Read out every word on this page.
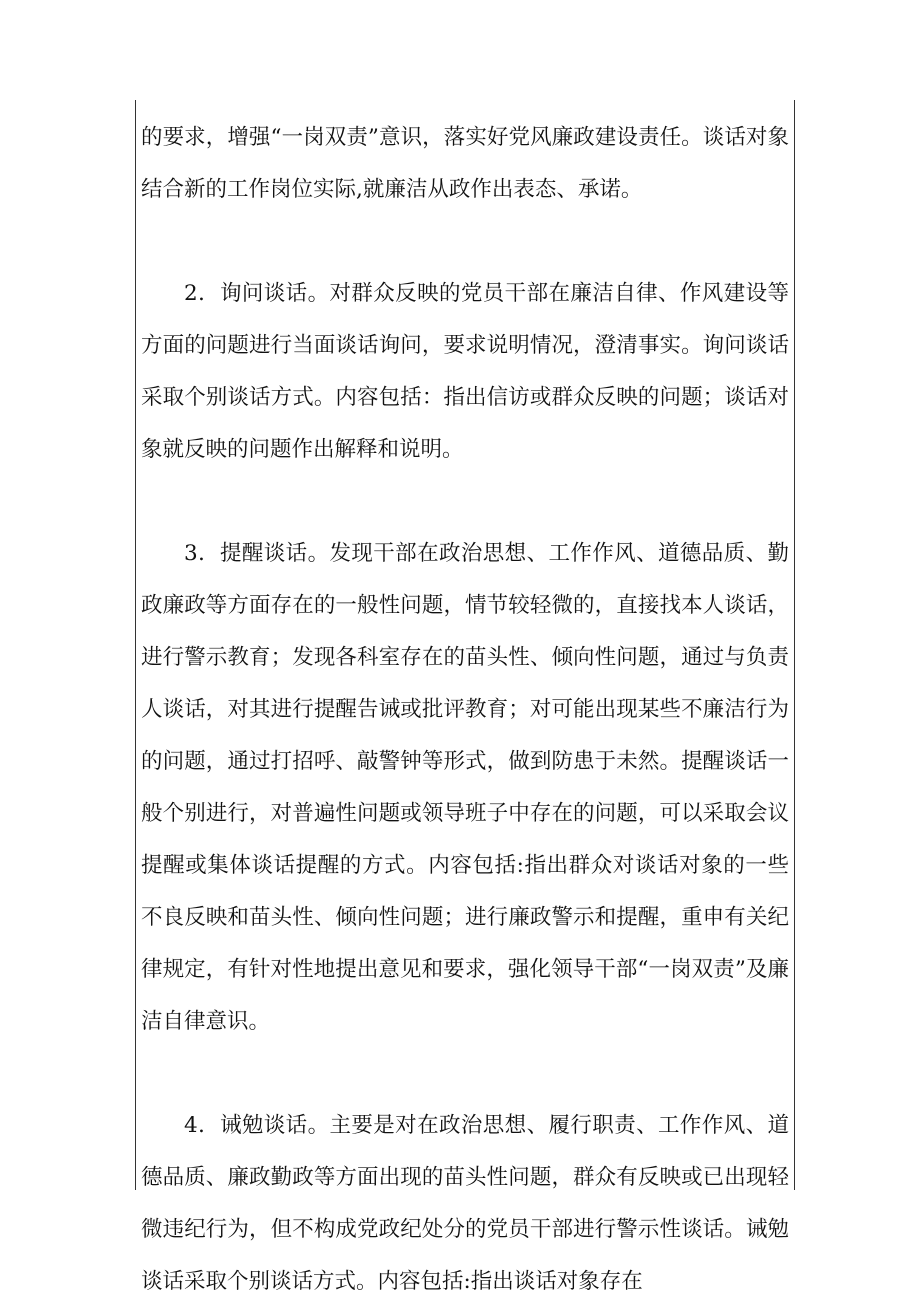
的要求，增强“一岗双责”意识，落实好党风廉政建设责任。谈话对象结合新的工作岗位实际,就廉洁从政作出表态、承诺。

2．询问谈话。对群众反映的党员干部在廉洁自律、作风建设等方面的问题进行当面谈话询问，要求说明情况，澄清事实。询问谈话采取个别谈话方式。内容包括：指出信访或群众反映的问题；谈话对象就反映的问题作出解释和说明。

3．提醒谈话。发现干部在政治思想、工作作风、道德品质、勤政廉政等方面存在的一般性问题，情节较轻微的，直接找本人谈话，进行警示教育；发现各科室存在的苗头性、倾向性问题，通过与负责人谈话，对其进行提醒告诫或批评教育；对可能出现某些不廉洁行为的问题，通过打招呼、敲警钟等形式，做到防患于未然。提醒谈话一般个别进行，对普遍性问题或领导班子中存在的问题，可以采取会议提醒或集体谈话提醒的方式。内容包括:指出群众对谈话对象的一些不良反映和苗头性、倾向性问题；进行廉政警示和提醒，重申有关纪律规定，有针对性地提出意见和要求，强化领导干部“一岗双责”及廉洁自律意识。

4．诫勉谈话。主要是对在政治思想、履行职责、工作作风、道德品质、廉政勤政等方面出现的苗头性问题，群众有反映或已出现轻微违纪行为，但不构成党政纪处分的党员干部进行警示性谈话。诫勉谈话采取个别谈话方式。内容包括:指出谈话对象存在
